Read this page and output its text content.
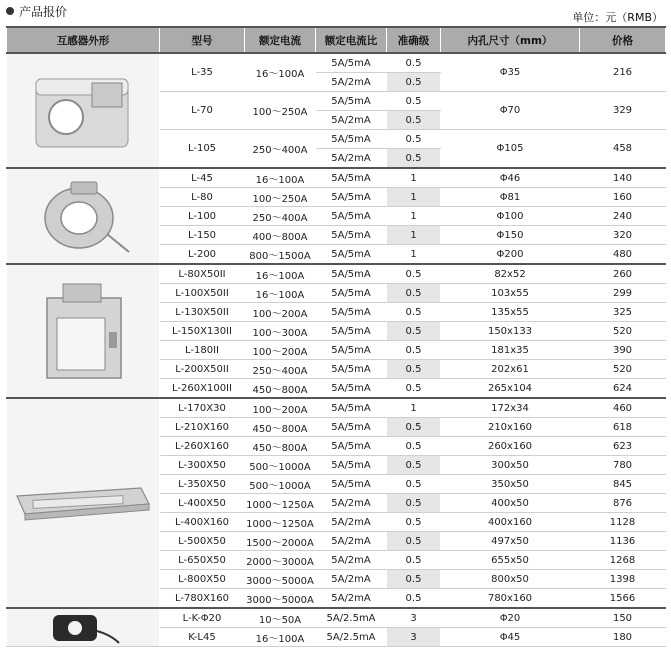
产品报价	单位：元（RMB）
互感器外形	型号	额定电流	额定电流比	准确级	内孔尺寸（mm）	价格

	L-35	16～100A	5A/5mA	0.5	Φ35	216
			5A/2mA	0.5		
	L-70	100～250A	5A/5mA	0.5	Φ70	329
			5A/2mA	0.5		
	L-105	250～400A	5A/5mA	0.5	Φ105	458
			5A/2mA	0.5		

	L-45	16～100A	5A/5mA	1	Φ46	140
	L-80	100～250A	5A/5mA	1	Φ81	160
	L-100	250～400A	5A/5mA	1	Φ100	240
	L-150	400～800A	5A/5mA	1	Φ150	320
	L-200	800～1500A	5A/5mA	1	Φ200	480

	L-80X50II	16～100A	5A/5mA	0.5	82x52	260
	L-100X50II	16～100A	5A/5mA	0.5	103x55	299
	L-130X50II	100～200A	5A/5mA	0.5	135x55	325
	L-150X130II	100～300A	5A/5mA	0.5	150x133	520
	L-180II	100～200A	5A/5mA	0.5	181x35	390
	L-200X50II	250～400A	5A/5mA	0.5	202x61	520
	L-260X100II	450～800A	5A/5mA	0.5	265x104	624

	L-170X30	100～200A	5A/5mA	1	172x34	460
	L-210X160	450～800A	5A/5mA	0.5	210x160	618
	L-260X160	450～800A	5A/5mA	0.5	260x160	623
	L-300X50	500～1000A	5A/5mA	0.5	300x50	780
	L-350X50	500～1000A	5A/5mA	0.5	350x50	845
	L-400X50	1000～1250A	5A/2mA	0.5	400x50	876
	L-400X160	1000～1250A	5A/2mA	0.5	400x160	1128
	L-500X50	1500～2000A	5A/2mA	0.5	497x50	1136
	L-650X50	2000～3000A	5A/2mA	0.5	655x50	1268
	L-800X50	3000～5000A	5A/2mA	0.5	800x50	1398
	L-780X160	3000～5000A	5A/2mA	0.5	780x160	1566

	L-K-Φ20	10～50A	5A/2.5mA	3	Φ20	150
	K-L45	16～100A	5A/2.5mA	3	Φ45	180
